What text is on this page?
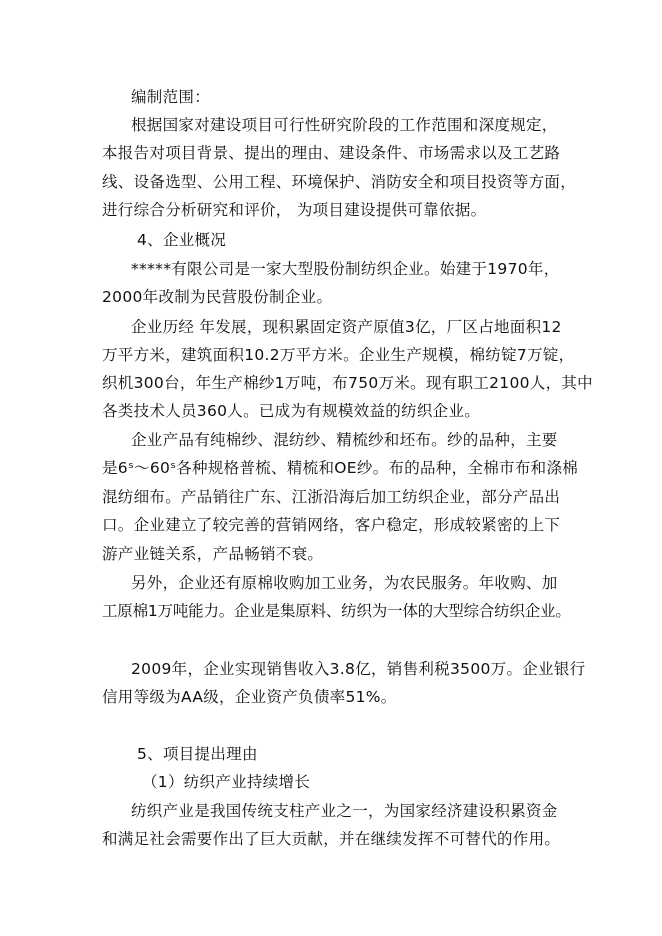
编制范围：
根据国家对建设项目可行性研究阶段的工作范围和深度规定，
本报告对项目背景、提出的理由、建设条件、市场需求以及工艺路
线、设备选型、公用工程、环境保护、消防安全和项目投资等方面，
进行综合分析研究和评价， 为项目建设提供可靠依据。
4、企业概况
*****有限公司是一家大型股份制纺织企业。始建于1970年，
2000年改制为民营股份制企业。
企业历经 年发展，现积累固定资产原值3亿，厂区占地面积12
万平方米，建筑面积10.2万平方米。企业生产规模，棉纺锭7万锭，
织机300台，年生产棉纱1万吨，布750万米。现有职工2100人，其中
各类技术人员360人。已成为有规模效益的纺织企业。
企业产品有纯棉纱、混纺纱、精梳纱和坯布。纱的品种，主要
是6ˢ～60ˢ各种规格普梳、精梳和OE纱。布的品种，全棉市布和涤棉
混纺细布。产品销往广东、江浙沿海后加工纺织企业，部分产品出
口。企业建立了较完善的营销网络，客户稳定，形成较紧密的上下
游产业链关系，产品畅销不衰。
另外，企业还有原棉收购加工业务，为农民服务。年收购、加
工原棉1万吨能力。企业是集原料、纺织为一体的大型综合纺织企业。
2009年，企业实现销售收入3.8亿，销售利税3500万。企业银行
信用等级为AA级，企业资产负债率51%。
5、项目提出理由
（1）纺织产业持续增长
纺织产业是我国传统支柱产业之一，为国家经济建设积累资金
和满足社会需要作出了巨大贡献，并在继续发挥不可替代的作用。
